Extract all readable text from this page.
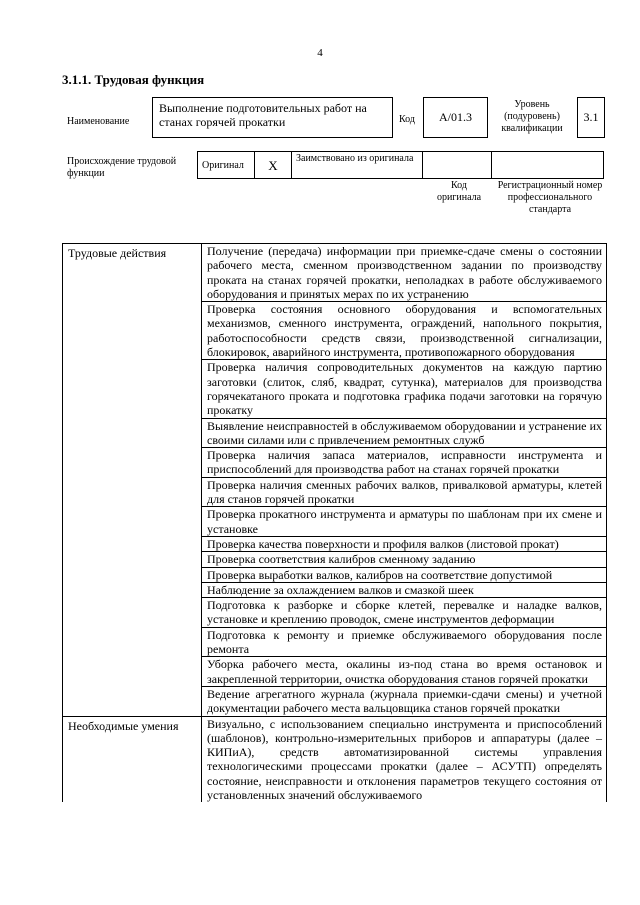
4
3.1.1. Трудовая функция
Наименование
Выполнение подготовительных работ на станах горячей прокатки	Код	A/01.3
Уровень (подуровень) квалификации
3.1
Происхождение трудовой функции
Оригинал	X	Заимствовано из оригинала		
Код оригинала
Регистрационный номер профессионального стандарта
Трудовые действия	Получение (передача) информации при приемке-сдаче смены о состоянии рабочего места, сменном производственном задании по производству проката на станах горячей прокатки, неполадках в работе обслуживаемого оборудования и принятых мерах по их устранению
	Проверка состояния основного оборудования и вспомогательных механизмов, сменного инструмента, ограждений, напольного покрытия, работоспособности средств связи, производственной сигнализации, блокировок, аварийного инструмента, противопожарного оборудования
	Проверка наличия сопроводительных документов на каждую партию заготовки (слиток, сляб, квадрат, сутунка), материалов для производства горячекатаного проката и подготовка графика подачи заготовки на горячую прокатку
	Выявление неисправностей в обслуживаемом оборудовании и устранение их своими силами или с привлечением ремонтных служб
	Проверка наличия запаса материалов, исправности инструмента и приспособлений для производства работ на станах горячей прокатки
	Проверка наличия сменных рабочих валков, привалковой арматуры, клетей для станов горячей прокатки
	Проверка прокатного инструмента и арматуры по шаблонам при их смене и установке
	Проверка качества поверхности и профиля валков (листовой прокат)
	Проверка соответствия калибров сменному заданию
	Проверка выработки валков, калибров на соответствие допустимой
	Наблюдение за охлаждением валков и смазкой шеек
	Подготовка к разборке и сборке клетей, перевалке и наладке валков, установке и креплению проводок, смене инструментов деформации
	Подготовка к ремонту и приемке обслуживаемого оборудования после ремонта
	Уборка рабочего места, окалины из-под стана во время остановок и закрепленной территории, очистка оборудования станов горячей прокатки
	Ведение агрегатного журнала (журнала приемки-сдачи смены) и учетной документации рабочего места вальцовщика станов горячей прокатки
Необходимые умения	Визуально, с использованием специально инструмента и приспособлений (шаблонов), контрольно-измерительных приборов и аппаратуры (далее – КИПиА), средств автоматизированной системы управления технологическими процессами прокатки (далее – АСУТП) определять состояние, неисправности и отклонения параметров текущего состояния от установленных значений обслуживаемого
